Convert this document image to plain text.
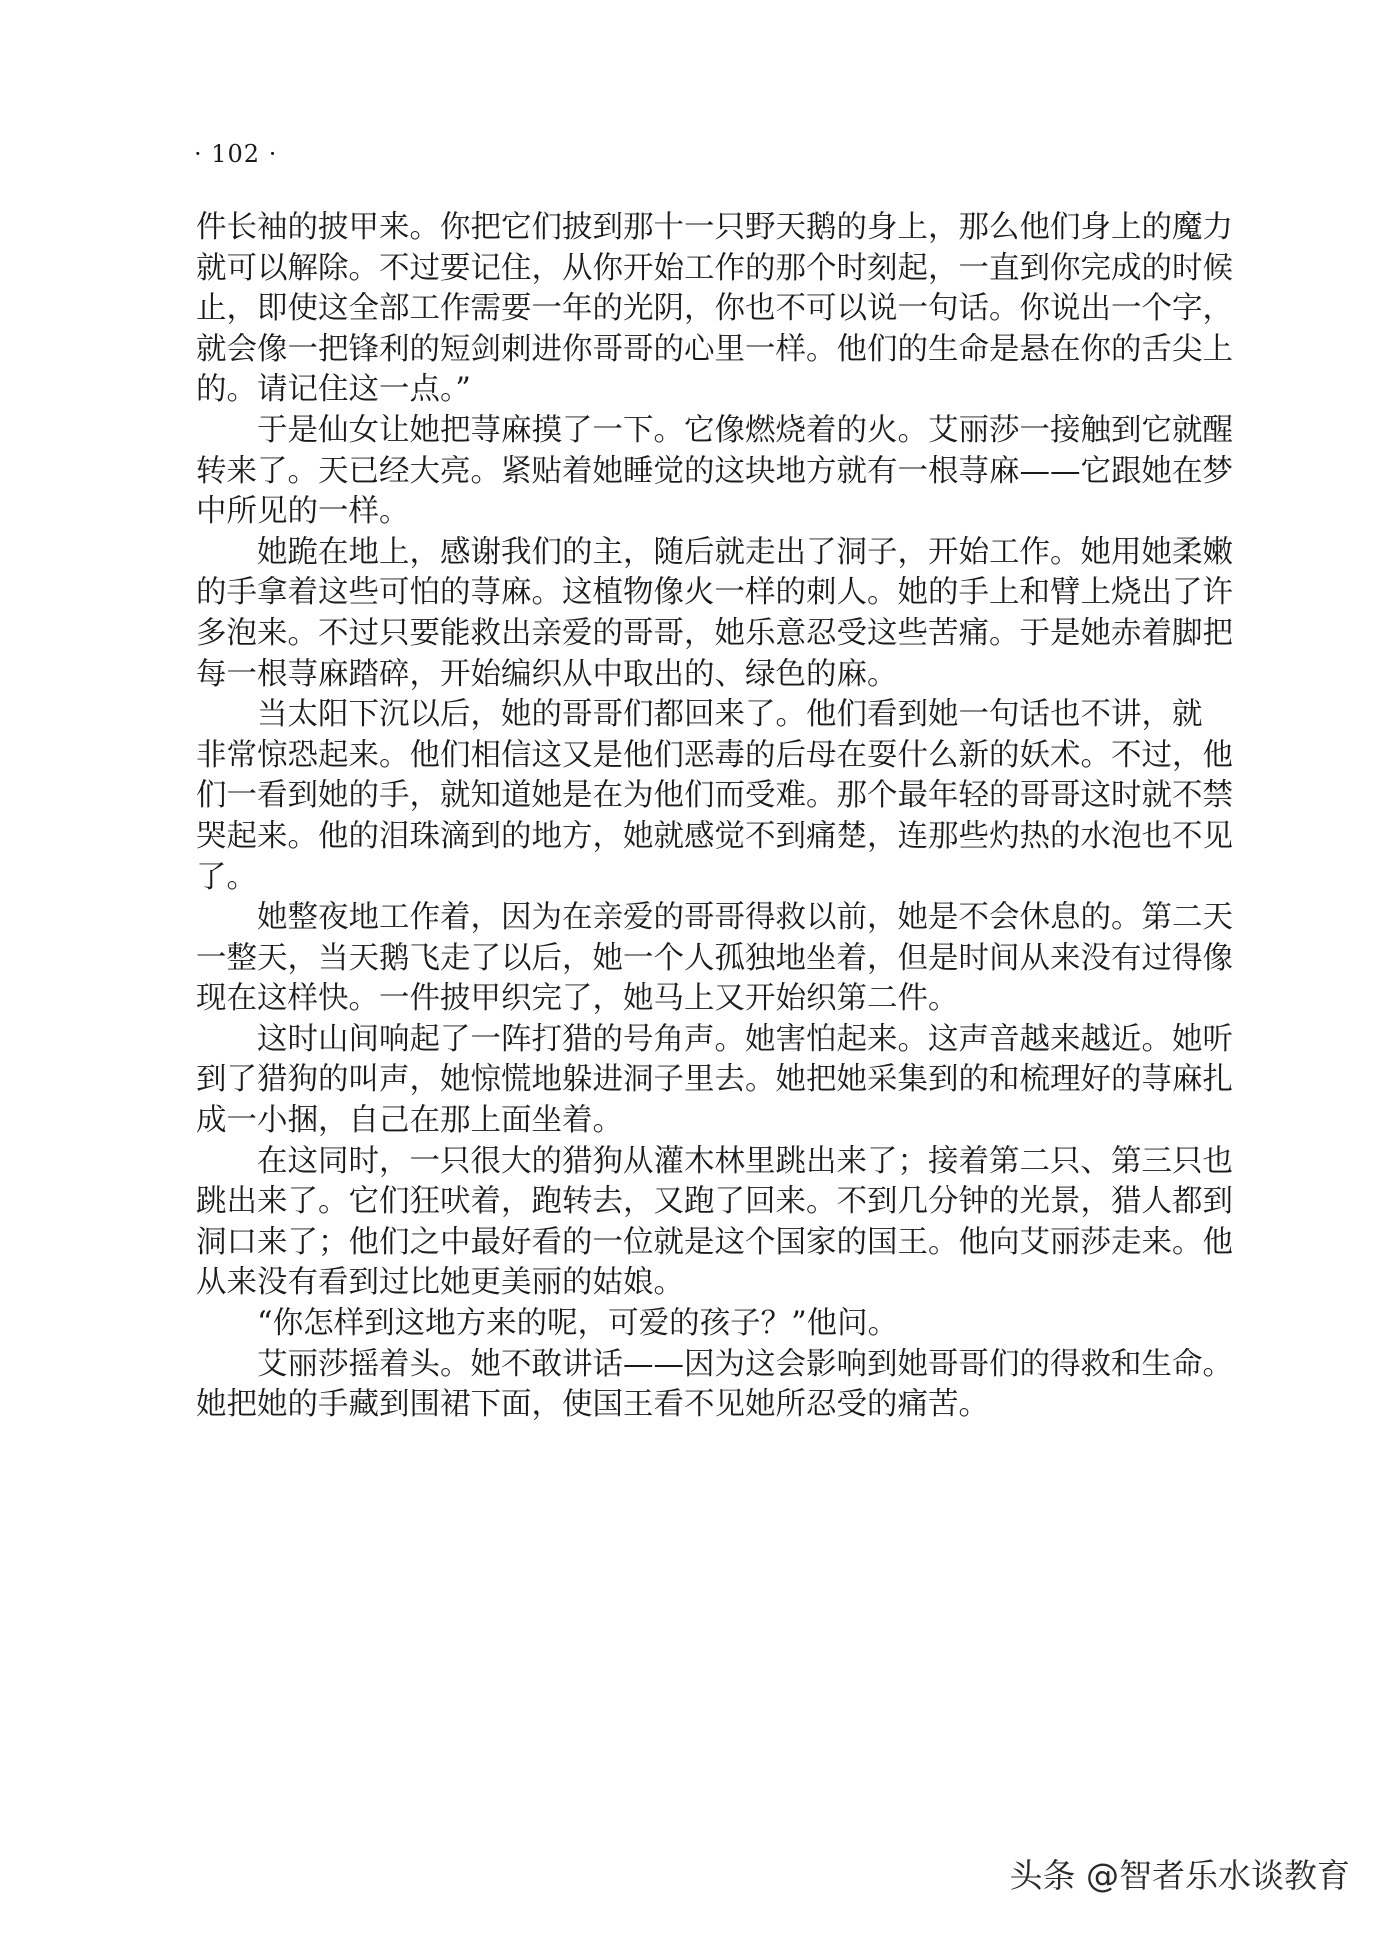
· 102 ·
件长袖的披甲来。你把它们披到那十一只野天鹅的身上，那么他们身上的魔力
就可以解除。不过要记住，从你开始工作的那个时刻起，一直到你完成的时候
止，即使这全部工作需要一年的光阴，你也不可以说一句话。你说出一个字，
就会像一把锋利的短剑刺进你哥哥的心里一样。他们的生命是悬在你的舌尖上
的。请记住这一点。”
于是仙女让她把荨麻摸了一下。它像燃烧着的火。艾丽莎一接触到它就醒
转来了。天已经大亮。紧贴着她睡觉的这块地方就有一根荨麻——它跟她在梦
中所见的一样。
她跪在地上，感谢我们的主，随后就走出了洞子，开始工作。她用她柔嫩
的手拿着这些可怕的荨麻。这植物像火一样的刺人。她的手上和臂上烧出了许
多泡来。不过只要能救出亲爱的哥哥，她乐意忍受这些苦痛。于是她赤着脚把
每一根荨麻踏碎，开始编织从中取出的、绿色的麻。
当太阳下沉以后，她的哥哥们都回来了。他们看到她一句话也不讲，就
非常惊恐起来。他们相信这又是他们恶毒的后母在耍什么新的妖术。不过，他
们一看到她的手，就知道她是在为他们而受难。那个最年轻的哥哥这时就不禁
哭起来。他的泪珠滴到的地方，她就感觉不到痛楚，连那些灼热的水泡也不见
了。
她整夜地工作着，因为在亲爱的哥哥得救以前，她是不会休息的。第二天
一整天，当天鹅飞走了以后，她一个人孤独地坐着，但是时间从来没有过得像
现在这样快。一件披甲织完了，她马上又开始织第二件。
这时山间响起了一阵打猎的号角声。她害怕起来。这声音越来越近。她听
到了猎狗的叫声，她惊慌地躲进洞子里去。她把她采集到的和梳理好的荨麻扎
成一小捆，自己在那上面坐着。
在这同时，一只很大的猎狗从灌木林里跳出来了；接着第二只、第三只也
跳出来了。它们狂吠着，跑转去，又跑了回来。不到几分钟的光景，猎人都到
洞口来了；他们之中最好看的一位就是这个国家的国王。他向艾丽莎走来。他
从来没有看到过比她更美丽的姑娘。
“你怎样到这地方来的呢，可爱的孩子？”他问。
艾丽莎摇着头。她不敢讲话——因为这会影响到她哥哥们的得救和生命。
她把她的手藏到围裙下面，使国王看不见她所忍受的痛苦。
头条 @智者乐水谈教育
